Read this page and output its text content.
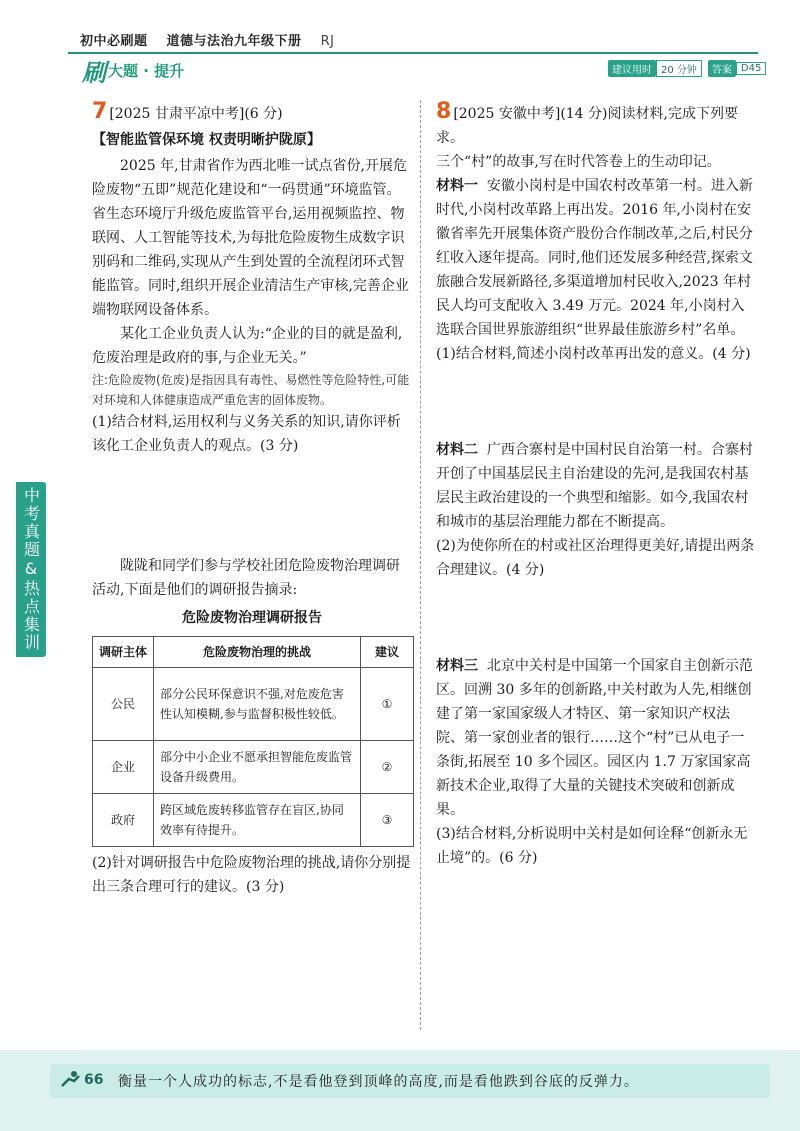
初中必刷题 道德与法治九年级下册 RJ
刷 大题 · 提升	建议用时 20 分钟	答案 D45
中考真题&热点集训
7 [2025 甘肃平凉中考](6 分)
【智能监管保环境 权责明晰护陇原】

2025 年,甘肃省作为西北唯一试点省份,开展危险废物“五即”规范化建设和“一码贯通”环境监管。省生态环境厅升级危废监管平台,运用视频监控、物联网、人工智能等技术,为每批危险废物生成数字识别码和二维码,实现从产生到处置的全流程闭环式智能监管。同时,组织开展企业清洁生产审核,完善企业端物联网设备体系。

某化工企业负责人认为:“企业的目的就是盈利,危废治理是政府的事,与企业无关。”

注:危险废物(危废)是指因具有毒性、易燃性等危险特性,可能对环境和人体健康造成严重危害的固体废物。

(1)结合材料,运用权利与义务关系的知识,请你评析该化工企业负责人的观点。(3 分)

陇陇和同学们参与学校社团危险废物治理调研活动,下面是他们的调研报告摘录:

危险废物治理调研报告
调研主体	危险废物治理的挑战	建议
公民	部分公民环保意识不强,对危废危害性认知模糊,参与监督积极性较低。	①
企业	部分中小企业不愿承担智能危废监管设备升级费用。	②
政府	跨区域危废转移监管存在盲区,协同效率有待提升。	③

(2)针对调研报告中危险废物治理的挑战,请你分别提出三条合理可行的建议。(3 分)

8 [2025 安徽中考](14 分)阅读材料,完成下列要求。

三个“村”的故事,写在时代答卷上的生动印记。

材料一 安徽小岗村是中国农村改革第一村。进入新时代,小岗村改革路上再出发。2016 年,小岗村在安徽省率先开展集体资产股份合作制改革,之后,村民分红收入逐年提高。同时,他们还发展多种经营,探索文旅融合发展新路径,多渠道增加村民收入,2023 年村民人均可支配收入 3.49 万元。2024 年,小岗村入选联合国世界旅游组织“世界最佳旅游乡村”名单。

(1)结合材料,简述小岗村改革再出发的意义。(4 分)

材料二 广西合寨村是中国村民自治第一村。合寨村开创了中国基层民主自治建设的先河,是我国农村基层民主政治建设的一个典型和缩影。如今,我国农村和城市的基层治理能力都在不断提高。

(2)为使你所在的村或社区治理得更美好,请提出两条合理建议。(4 分)

材料三 北京中关村是中国第一个国家自主创新示范区。回溯 30 多年的创新路,中关村敢为人先,相继创建了第一家国家级人才特区、第一家知识产权法院、第一家创业者的银行……这个“村”已从电子一条街,拓展至 10 多个园区。园区内 1.7 万家国家高新技术企业,取得了大量的关键技术突破和创新成果。

(3)结合材料,分析说明中关村是如何诠释“创新永无止境”的。(6 分)

66 衡量一个人成功的标志,不是看他登到顶峰的高度,而是看他跌到谷底的反弹力。
